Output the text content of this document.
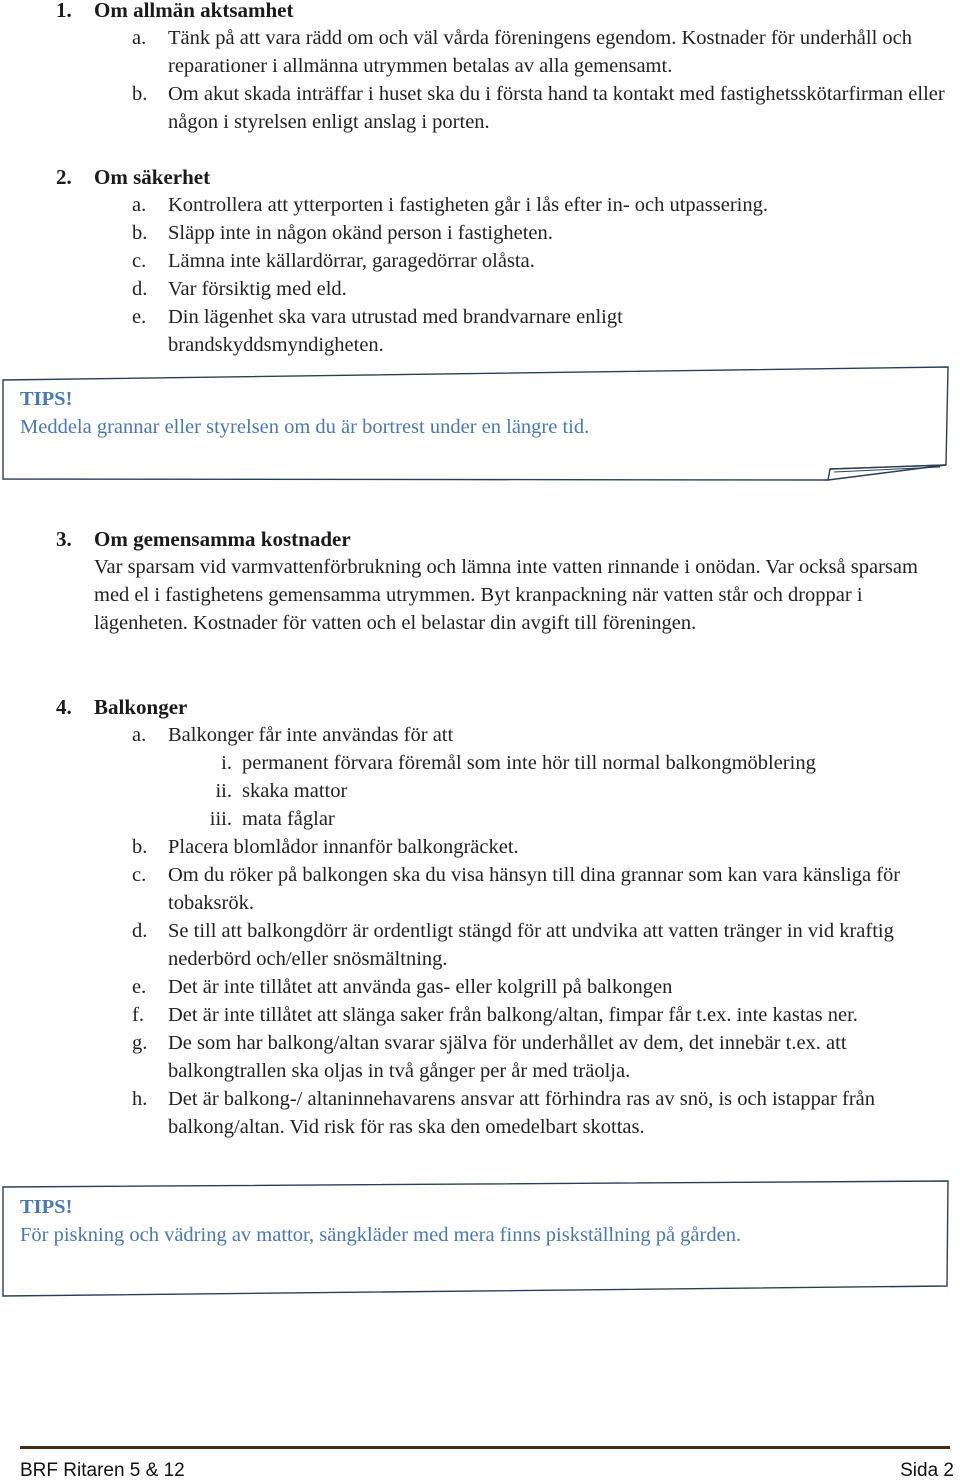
1. Om allmän aktsamhet
a.	Tänk på att vara rädd om och väl vårda föreningens egendom. Kostnader för underhåll och reparationer i allmänna utrymmen betalas av alla gemensamt.
b.	Om akut skada inträffar i huset ska du i första hand ta kontakt med fastighetsskötarfirman eller någon i styrelsen enligt anslag i porten.
2. Om säkerhet
a.	Kontrollera att ytterporten i fastigheten går i lås efter in- och utpassering.
b.	Släpp inte in någon okänd person i fastigheten.
c.	Lämna inte källardörrar, garagedörrar olåsta.
d.	Var försiktig med eld.
e.	Din lägenhet ska vara utrustad med brandvarnare enligt brandskyddsmyndigheten.
TIPS!
Meddela grannar eller styrelsen om du är bortrest under en längre tid.
3. Om gemensamma kostnader
Var sparsam vid varmvattenförbrukning och lämna inte vatten rinnande i onödan. Var också sparsam med el i fastighetens gemensamma utrymmen. Byt kranpackning när vatten står och droppar i lägenheten. Kostnader för vatten och el belastar din avgift till föreningen.
4. Balkonger
a.	Balkonger får inte användas för att
i. permanent förvara föremål som inte hör till normal balkongmöblering
ii. skaka mattor
iii. mata fåglar
b.	Placera blomlådor innanför balkongräcket.
c.	Om du röker på balkongen ska du visa hänsyn till dina grannar som kan vara känsliga för tobaksrök.
d.	Se till att balkongdörr är ordentligt stängd för att undvika att vatten tränger in vid kraftig nederbörd och/eller snösmältning.
e.	Det är inte tillåtet att använda gas- eller kolgrill på balkongen
f.	Det är inte tillåtet att slänga saker från balkong/altan, fimpar får t.ex. inte kastas ner.
g.	De som har balkong/altan svarar själva för underhållet av dem, det innebär t.ex. att balkongtrallen ska oljas in två gånger per år med träolja.
h.	Det är balkong-/ altaninnehavarens ansvar att förhindra ras av snö, is och istappar från balkong/altan. Vid risk för ras ska den omedelbart skottas.
TIPS!
För piskning och vädring av mattor, sängkläder med mera finns piskställning på gården.
BRF Ritaren 5 & 12	Sida 2
